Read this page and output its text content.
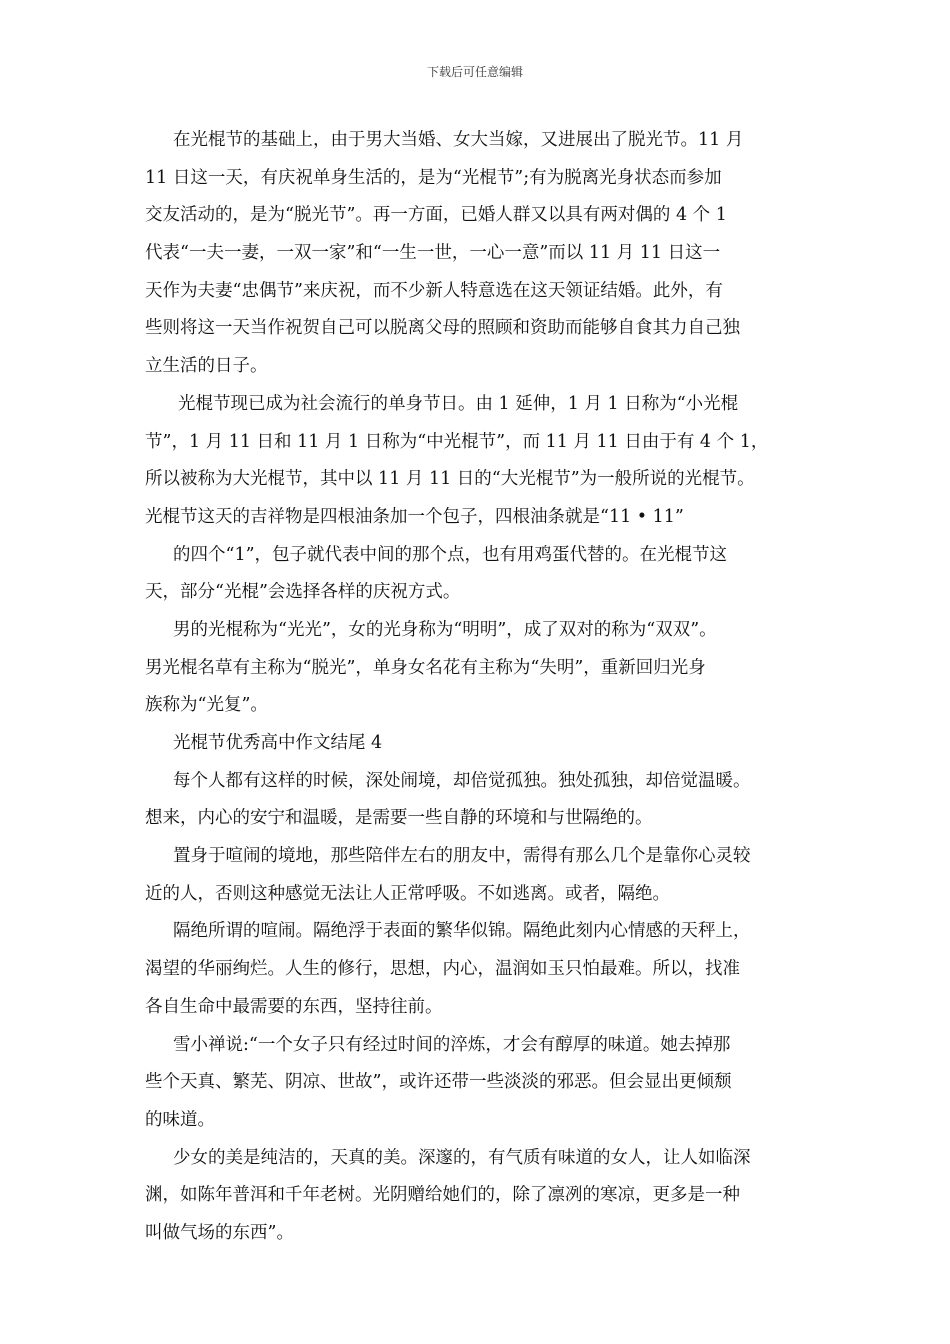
下载后可任意编辑
在光棍节的基础上，由于男大当婚、女大当嫁，又进展出了脱光节。11 月
11 日这一天，有庆祝单身生活的，是为“光棍节”;有为脱离光身状态而参加
交友活动的，是为“脱光节”。再一方面，已婚人群又以具有两对偶的 4 个 1
代表“一夫一妻，一双一家”和“一生一世，一心一意”而以 11 月 11 日这一
天作为夫妻“忠偶节”来庆祝，而不少新人特意选在这天领证结婚。此外，有
些则将这一天当作祝贺自己可以脱离父母的照顾和资助而能够自食其力自己独
立生活的日子。
光棍节现已成为社会流行的单身节日。由 1 延伸，1 月 1 日称为“小光棍
节”，1 月 11 日和 11 月 1 日称为“中光棍节”，而 11 月 11 日由于有 4 个 1，
所以被称为大光棍节，其中以 11 月 11 日的“大光棍节”为一般所说的光棍节。
光棍节这天的吉祥物是四根油条加一个包子，四根油条就是“11 • 11”
的四个“1”，包子就代表中间的那个点，也有用鸡蛋代替的。在光棍节这
天，部分“光棍”会选择各样的庆祝方式。
男的光棍称为“光光”，女的光身称为“明明”，成了双对的称为“双双”。
男光棍名草有主称为“脱光”，单身女名花有主称为“失明”，重新回归光身
族称为“光复”。
光棍节优秀高中作文结尾 4
每个人都有这样的时候，深处闹境，却倍觉孤独。独处孤独，却倍觉温暖。
想来，内心的安宁和温暖，是需要一些自静的环境和与世隔绝的。
置身于喧闹的境地，那些陪伴左右的朋友中，需得有那么几个是靠你心灵较
近的人，否则这种感觉无法让人正常呼吸。不如逃离。或者，隔绝。
隔绝所谓的喧闹。隔绝浮于表面的繁华似锦。隔绝此刻内心情感的天秤上，
渴望的华丽绚烂。人生的修行，思想，内心，温润如玉只怕最难。所以，找准
各自生命中最需要的东西，坚持往前。
雪小禅说:“一个女子只有经过时间的淬炼，才会有醇厚的味道。她去掉那
些个天真、繁芜、阴凉、世故”，或许还带一些淡淡的邪恶。但会显出更倾颓
的味道。
少女的美是纯洁的，天真的美。深邃的，有气质有味道的女人，让人如临深
渊，如陈年普洱和千年老树。光阴赠给她们的，除了凛冽的寒凉，更多是一种
叫做气场的东西”。
